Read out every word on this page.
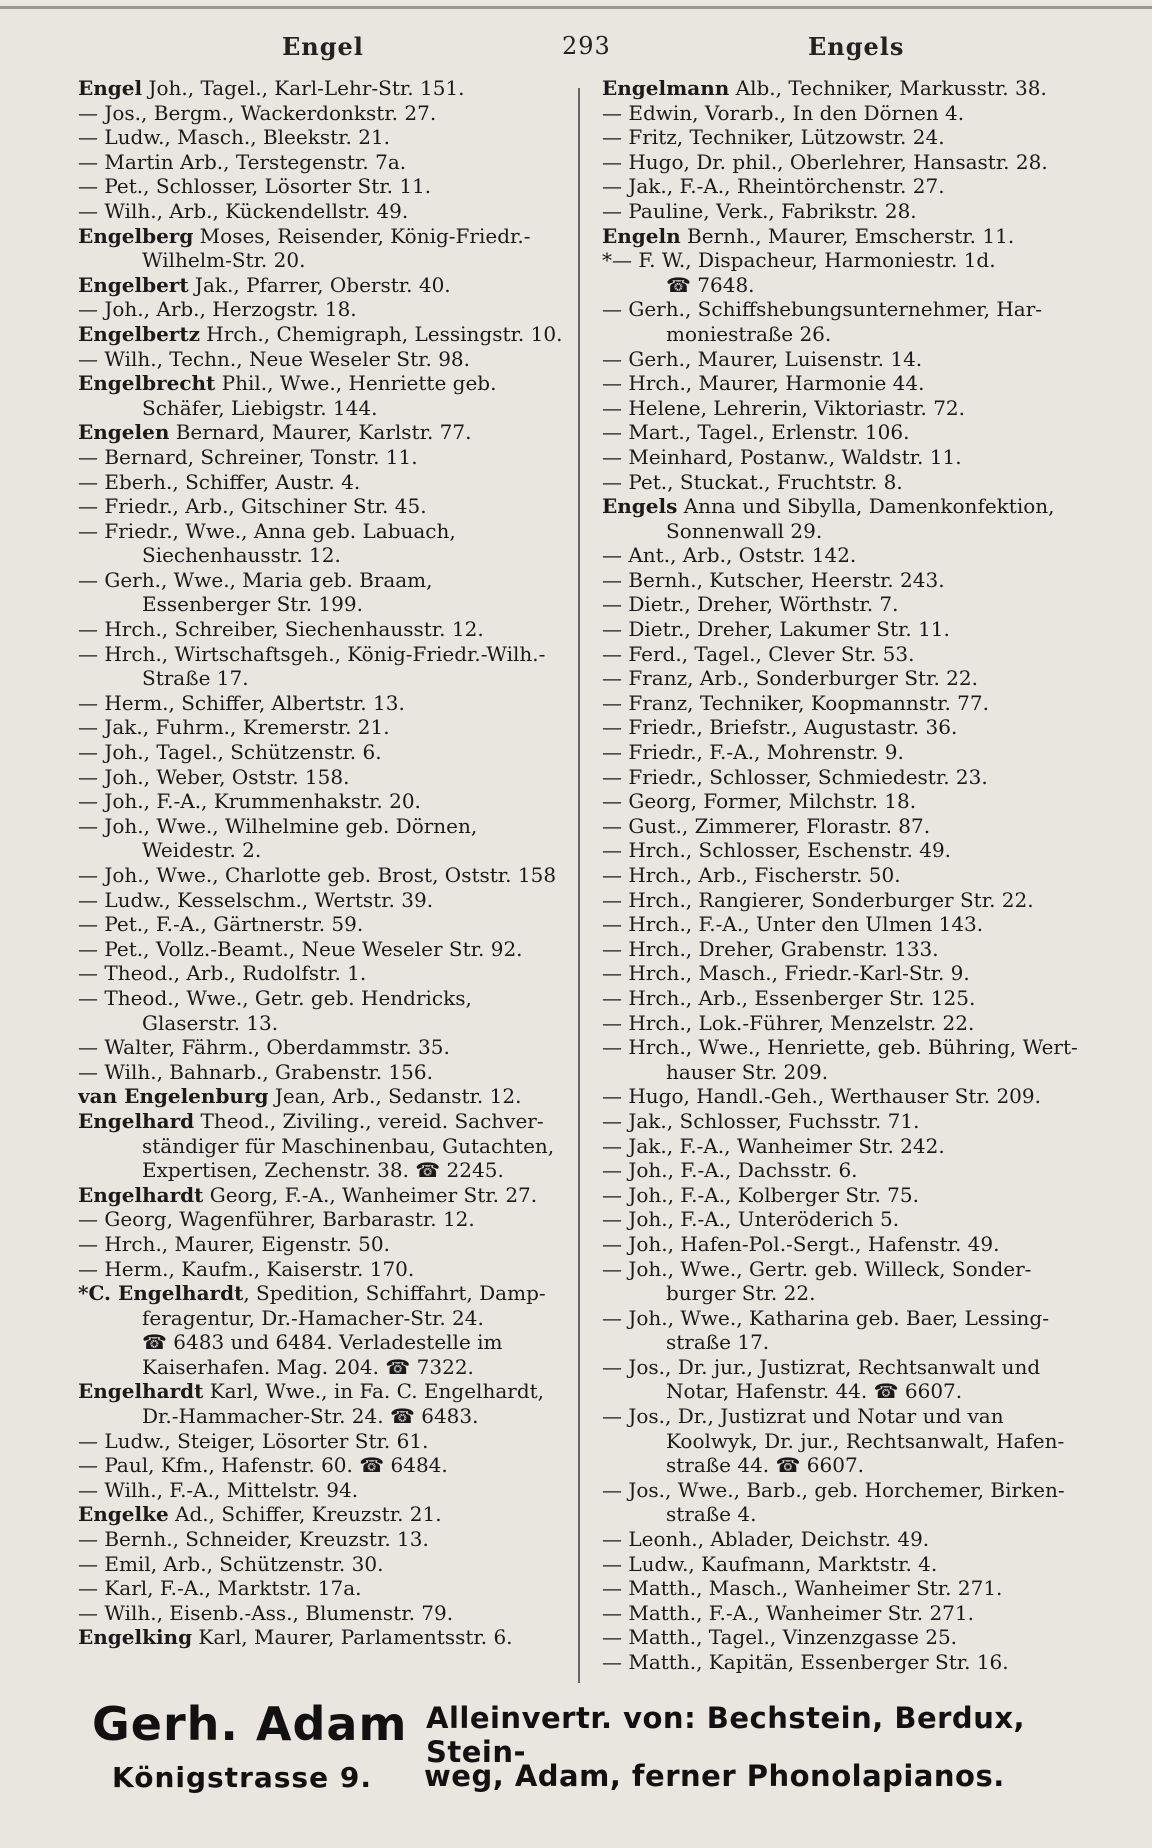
Engel	293	Engels
Engel Joh., Tagel., Karl-Lehr-Str. 151.
— Jos., Bergm., Wackerdonkstr. 27.
— Ludw., Masch., Bleekstr. 21.
— Martin Arb., Terstegenstr. 7a.
— Pet., Schlosser, Lösorter Str. 11.
— Wilh., Arb., Kückendellstr. 49.
Engelberg Moses, Reisender, König-Friedr.-
Wilhelm-Str. 20.
Engelbert Jak., Pfarrer, Oberstr. 40.
— Joh., Arb., Herzogstr. 18.
Engelbertz Hrch., Chemigraph, Lessingstr. 10.
— Wilh., Techn., Neue Weseler Str. 98.
Engelbrecht Phil., Wwe., Henriette geb.
Schäfer, Liebigstr. 144.
Engelen Bernard, Maurer, Karlstr. 77.
— Bernard, Schreiner, Tonstr. 11.
— Eberh., Schiffer, Austr. 4.
— Friedr., Arb., Gitschiner Str. 45.
— Friedr., Wwe., Anna geb. Labuach,
Siechenhausstr. 12.
— Gerh., Wwe., Maria geb. Braam,
Essenberger Str. 199.
— Hrch., Schreiber, Siechenhausstr. 12.
— Hrch., Wirtschaftsgeh., König-Friedr.-Wilh.-
Straße 17.
— Herm., Schiffer, Albertstr. 13.
— Jak., Fuhrm., Kremerstr. 21.
— Joh., Tagel., Schützenstr. 6.
— Joh., Weber, Oststr. 158.
— Joh., F.-A., Krummenhakstr. 20.
— Joh., Wwe., Wilhelmine geb. Dörnen,
Weidestr. 2.
— Joh., Wwe., Charlotte geb. Brost, Oststr. 158
— Ludw., Kesselschm., Wertstr. 39.
— Pet., F.-A., Gärtnerstr. 59.
— Pet., Vollz.-Beamt., Neue Weseler Str. 92.
— Theod., Arb., Rudolfstr. 1.
— Theod., Wwe., Getr. geb. Hendricks,
Glaserstr. 13.
— Walter, Fährm., Oberdammstr. 35.
— Wilh., Bahnarb., Grabenstr. 156.
van Engelenburg Jean, Arb., Sedanstr. 12.
Engelhard Theod., Ziviling., vereid. Sachver-
ständiger für Maschinenbau, Gutachten,
Expertisen, Zechenstr. 38. ☎ 2245.
Engelhardt Georg, F.-A., Wanheimer Str. 27.
— Georg, Wagenführer, Barbarastr. 12.
— Hrch., Maurer, Eigenstr. 50.
— Herm., Kaufm., Kaiserstr. 170.
*C. Engelhardt, Spedition, Schiffahrt, Damp-
feragentur, Dr.-Hamacher-Str. 24.
☎ 6483 und 6484. Verladestelle im
Kaiserhafen. Mag. 204. ☎ 7322.
Engelhardt Karl, Wwe., in Fa. C. Engelhardt,
Dr.-Hammacher-Str. 24. ☎ 6483.
— Ludw., Steiger, Lösorter Str. 61.
— Paul, Kfm., Hafenstr. 60. ☎ 6484.
— Wilh., F.-A., Mittelstr. 94.
Engelke Ad., Schiffer, Kreuzstr. 21.
— Bernh., Schneider, Kreuzstr. 13.
— Emil, Arb., Schützenstr. 30.
— Karl, F.-A., Marktstr. 17a.
— Wilh., Eisenb.-Ass., Blumenstr. 79.
Engelking Karl, Maurer, Parlamentsstr. 6.
Engelmann Alb., Techniker, Markusstr. 38.
— Edwin, Vorarb., In den Dörnen 4.
— Fritz, Techniker, Lützowstr. 24.
— Hugo, Dr. phil., Oberlehrer, Hansastr. 28.
— Jak., F.-A., Rheintörchenstr. 27.
— Pauline, Verk., Fabrikstr. 28.
Engeln Bernh., Maurer, Emscherstr. 11.
*— F. W., Dispacheur, Harmoniestr. 1d.
☎ 7648.
— Gerh., Schiffshebungsunternehmer, Har-
moniestraße 26.
— Gerh., Maurer, Luisenstr. 14.
— Hrch., Maurer, Harmonie 44.
— Helene, Lehrerin, Viktoriastr. 72.
— Mart., Tagel., Erlenstr. 106.
— Meinhard, Postanw., Waldstr. 11.
— Pet., Stuckat., Fruchtstr. 8.
Engels Anna und Sibylla, Damenkonfektion,
Sonnenwall 29.
— Ant., Arb., Oststr. 142.
— Bernh., Kutscher, Heerstr. 243.
— Dietr., Dreher, Wörthstr. 7.
— Dietr., Dreher, Lakumer Str. 11.
— Ferd., Tagel., Clever Str. 53.
— Franz, Arb., Sonderburger Str. 22.
— Franz, Techniker, Koopmannstr. 77.
— Friedr., Briefstr., Augustastr. 36.
— Friedr., F.-A., Mohrenstr. 9.
— Friedr., Schlosser, Schmiedestr. 23.
— Georg, Former, Milchstr. 18.
— Gust., Zimmerer, Florastr. 87.
— Hrch., Schlosser, Eschenstr. 49.
— Hrch., Arb., Fischerstr. 50.
— Hrch., Rangierer, Sonderburger Str. 22.
— Hrch., F.-A., Unter den Ulmen 143.
— Hrch., Dreher, Grabenstr. 133.
— Hrch., Masch., Friedr.-Karl-Str. 9.
— Hrch., Arb., Essenberger Str. 125.
— Hrch., Lok.-Führer, Menzelstr. 22.
— Hrch., Wwe., Henriette, geb. Bühring, Wert-
hauser Str. 209.
— Hugo, Handl.-Geh., Werthauser Str. 209.
— Jak., Schlosser, Fuchsstr. 71.
— Jak., F.-A., Wanheimer Str. 242.
— Joh., F.-A., Dachsstr. 6.
— Joh., F.-A., Kolberger Str. 75.
— Joh., F.-A., Unteröderich 5.
— Joh., Hafen-Pol.-Sergt., Hafenstr. 49.
— Joh., Wwe., Gertr. geb. Willeck, Sonder-
burger Str. 22.
— Joh., Wwe., Katharina geb. Baer, Lessing-
straße 17.
— Jos., Dr. jur., Justizrat, Rechtsanwalt und
Notar, Hafenstr. 44. ☎ 6607.
— Jos., Dr., Justizrat und Notar und van
Koolwyk, Dr. jur., Rechtsanwalt, Hafen-
straße 44. ☎ 6607.
— Jos., Wwe., Barb., geb. Horchemer, Birken-
straße 4.
— Leonh., Ablader, Deichstr. 49.
— Ludw., Kaufmann, Marktstr. 4.
— Matth., Masch., Wanheimer Str. 271.
— Matth., F.-A., Wanheimer Str. 271.
— Matth., Tagel., Vinzenzgasse 25.
— Matth., Kapitän, Essenberger Str. 16.
Gerh. Adam
Königstrasse 9.
Alleinvertr. von: Bechstein, Berdux, Stein-
weg, Adam, ferner Phonolapianos.
